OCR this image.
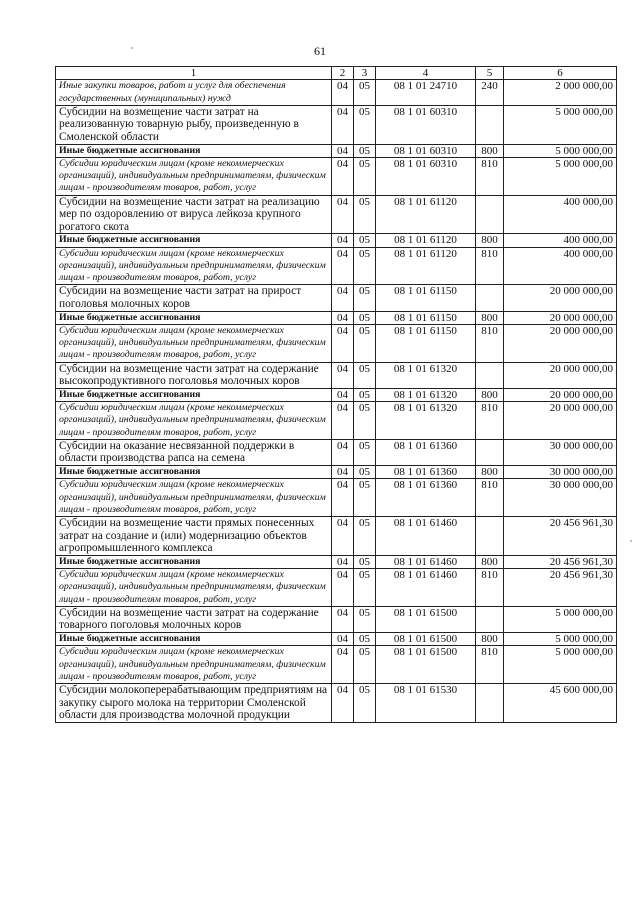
61
1	2	3	4	5	6
Иные закупки товаров, работ и услуг для обеспечения государственных (муниципальных) нужд	04	05	08 1 01 24710	240	2 000 000,00
Субсидии на возмещение части затрат на реализованную товарную рыбу, произведенную в Смоленской области	04	05	08 1 01 60310		5 000 000,00
Иные бюджетные ассигнования	04	05	08 1 01 60310	800	5 000 000,00
Субсидии юридическим лицам (кроме некоммерческих организаций), индивидуальным предпринимателям, физическим лицам - производителям товаров, работ, услуг	04	05	08 1 01 60310	810	5 000 000,00
Субсидии на возмещение части затрат на реализацию мер по оздоровлению от вируса лейкоза крупного рогатого скота	04	05	08 1 01 61120		400 000,00
Иные бюджетные ассигнования	04	05	08 1 01 61120	800	400 000,00
Субсидии юридическим лицам (кроме некоммерческих организаций), индивидуальным предпринимателям, физическим лицам - производителям товаров, работ, услуг	04	05	08 1 01 61120	810	400 000,00
Субсидии на возмещение части затрат на прирост поголовья молочных коров	04	05	08 1 01 61150		20 000 000,00
Иные бюджетные ассигнования	04	05	08 1 01 61150	800	20 000 000,00
Субсидии юридическим лицам (кроме некоммерческих организаций), индивидуальным предпринимателям, физическим лицам - производителям товаров, работ, услуг	04	05	08 1 01 61150	810	20 000 000,00
Субсидии на возмещение части затрат на содержание высокопродуктивного поголовья молочных коров	04	05	08 1 01 61320		20 000 000,00
Иные бюджетные ассигнования	04	05	08 1 01 61320	800	20 000 000,00
Субсидии юридическим лицам (кроме некоммерческих организаций), индивидуальным предпринимателям, физическим лицам - производителям товаров, работ, услуг	04	05	08 1 01 61320	810	20 000 000,00
Субсидии на оказание несвязанной поддержки в области производства рапса на семена	04	05	08 1 01 61360		30 000 000,00
Иные бюджетные ассигнования	04	05	08 1 01 61360	800	30 000 000,00
Субсидии юридическим лицам (кроме некоммерческих организаций), индивидуальным предпринимателям, физическим лицам - производителям товаров, работ, услуг	04	05	08 1 01 61360	810	30 000 000,00
Субсидии на возмещение части прямых понесенных затрат на создание и (или) модернизацию объектов агропромышленного комплекса	04	05	08 1 01 61460		20 456 961,30
Иные бюджетные ассигнования	04	05	08 1 01 61460	800	20 456 961,30
Субсидии юридическим лицам (кроме некоммерческих организаций), индивидуальным предпринимателям, физическим лицам - производителям товаров, работ, услуг	04	05	08 1 01 61460	810	20 456 961,30
Субсидии на возмещение части затрат на содержание товарного поголовья молочных коров	04	05	08 1 01 61500		5 000 000,00
Иные бюджетные ассигнования	04	05	08 1 01 61500	800	5 000 000,00
Субсидии юридическим лицам (кроме некоммерческих организаций), индивидуальным предпринимателям, физическим лицам - производителям товаров, работ, услуг	04	05	08 1 01 61500	810	5 000 000,00
Субсидии молокоперерабатывающим предприятиям на закупку сырого молока на территории Смоленской области для производства молочной продукции	04	05	08 1 01 61530		45 600 000,00
